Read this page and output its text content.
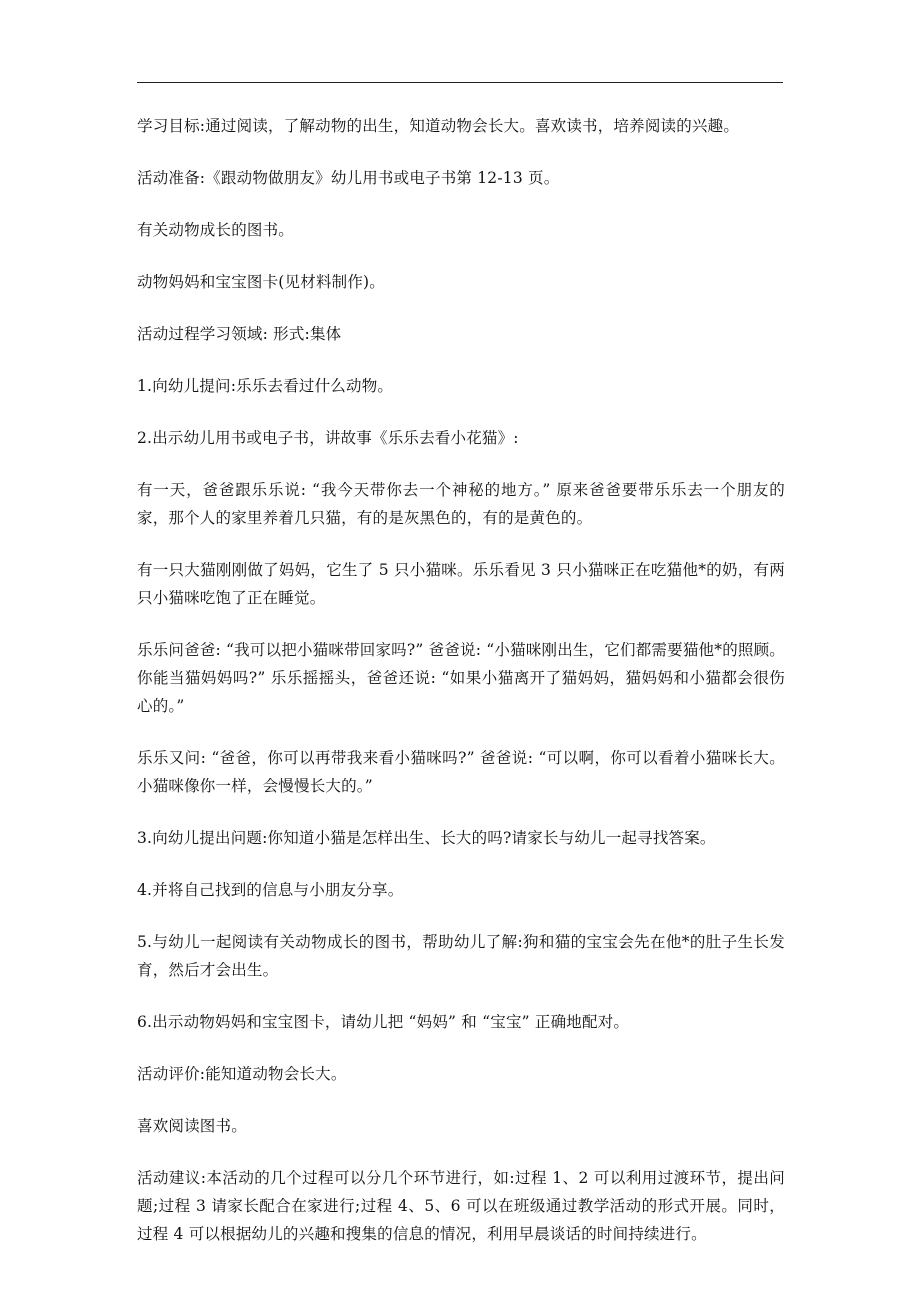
学习目标:通过阅读，了解动物的出生，知道动物会长大。喜欢读书，培养阅读的兴趣。

活动准备:《跟动物做朋友》幼儿用书或电子书第 12-13 页。

有关动物成长的图书。

动物妈妈和宝宝图卡(见材料制作)。

活动过程学习领域: 形式:集体

1.向幼儿提问:乐乐去看过什么动物。

2.出示幼儿用书或电子书，讲故事《乐乐去看小花猫》:

有一天，爸爸跟乐乐说: “我今天带你去一个神秘的地方。” 原来爸爸要带乐乐去一个朋友的家，那个人的家里养着几只猫，有的是灰黑色的，有的是黄色的。

有一只大猫刚刚做了妈妈，它生了 5 只小猫咪。乐乐看见 3 只小猫咪正在吃猫他*的奶，有两只小猫咪吃饱了正在睡觉。

乐乐问爸爸: “我可以把小猫咪带回家吗?” 爸爸说: “小猫咪刚出生，它们都需要猫他*的照顾。你能当猫妈妈吗?” 乐乐摇摇头，爸爸还说: “如果小猫离开了猫妈妈，猫妈妈和小猫都会很伤心的。”

乐乐又问: “爸爸，你可以再带我来看小猫咪吗?” 爸爸说: “可以啊，你可以看着小猫咪长大。小猫咪像你一样，会慢慢长大的。”

3.向幼儿提出问题:你知道小猫是怎样出生、长大的吗?请家长与幼儿一起寻找答案。

4.并将自己找到的信息与小朋友分享。

5.与幼儿一起阅读有关动物成长的图书，帮助幼儿了解:狗和猫的宝宝会先在他*的肚子生长发育，然后才会出生。

6.出示动物妈妈和宝宝图卡，请幼儿把 “妈妈” 和 “宝宝” 正确地配对。

活动评价:能知道动物会长大。

喜欢阅读图书。

活动建议:本活动的几个过程可以分几个环节进行，如:过程 1、2 可以利用过渡环节，提出问题;过程 3 请家长配合在家进行;过程 4、5、6 可以在班级通过教学活动的形式开展。同时，过程 4 可以根据幼儿的兴趣和搜集的信息的情况，利用早晨谈话的时间持续进行。
